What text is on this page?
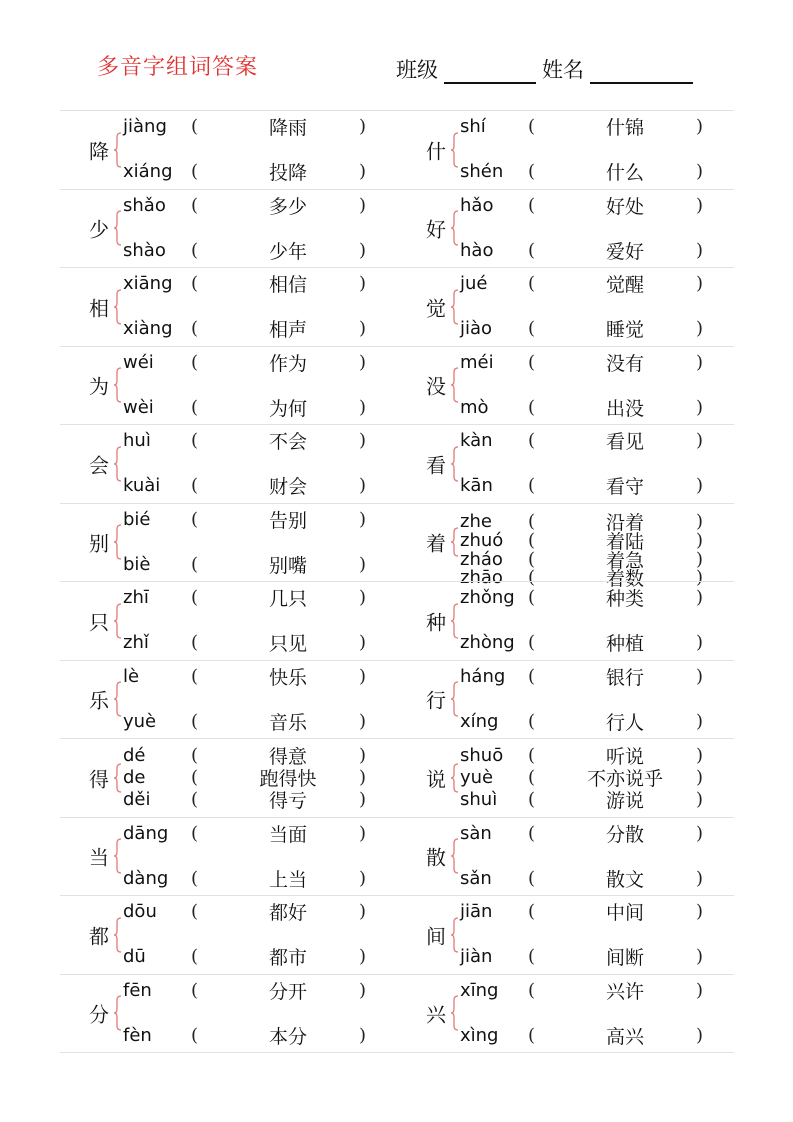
多音字组词答案	班级	姓名
降
jiàng	(	降雨	)
xiáng	(	投降	)
什
shí	(	什锦	)
shén	(	什么	)
少
shǎo	(	多少	)
shào	(	少年	)
好
hǎo	(	好处	)
hào	(	爱好	)
相
xiāng	(	相信	)
xiàng	(	相声	)
觉
jué	(	觉醒	)
jiào	(	睡觉	)
为
wéi	(	作为	)
wèi	(	为何	)
没
méi	(	没有	)
mò	(	出没	)
会
huì	(	不会	)
kuài	(	财会	)
看
kàn	(	看见	)
kān	(	看守	)
别
bié	(	告别	)
biè	(	别嘴	)
着
zhe	(	沿着	)
zhuó	(	着陆	)
zháo	(	着急	)
zhāo	(	着数	)
只
zhī	(	几只	)
zhǐ	(	只见	)
种
zhǒng (	种类	)
zhòng (	种植	)
乐
lè	(	快乐	)
yuè	(	音乐	)
行
háng	(	银行	)
xíng	(	行人	)
得
dé	(	得意	)
de	(	跑得快	)
děi	(	得亏	)
说
shuō	(	听说	)
yuè	(	不亦说乎	)
shuì	(	游说	)
当
dāng	(	当面	)
dàng	(	上当	)
散
sàn	(	分散	)
sǎn	(	散文	)
都
dōu	(	都好	)
dū	(	都市	)
间
jiān	(	中间	)
jiàn	(	间断	)
分
fēn	(	分开	)
fèn	(	本分	)
兴
xīng	(	兴许	)
xìng	(	高兴	)
